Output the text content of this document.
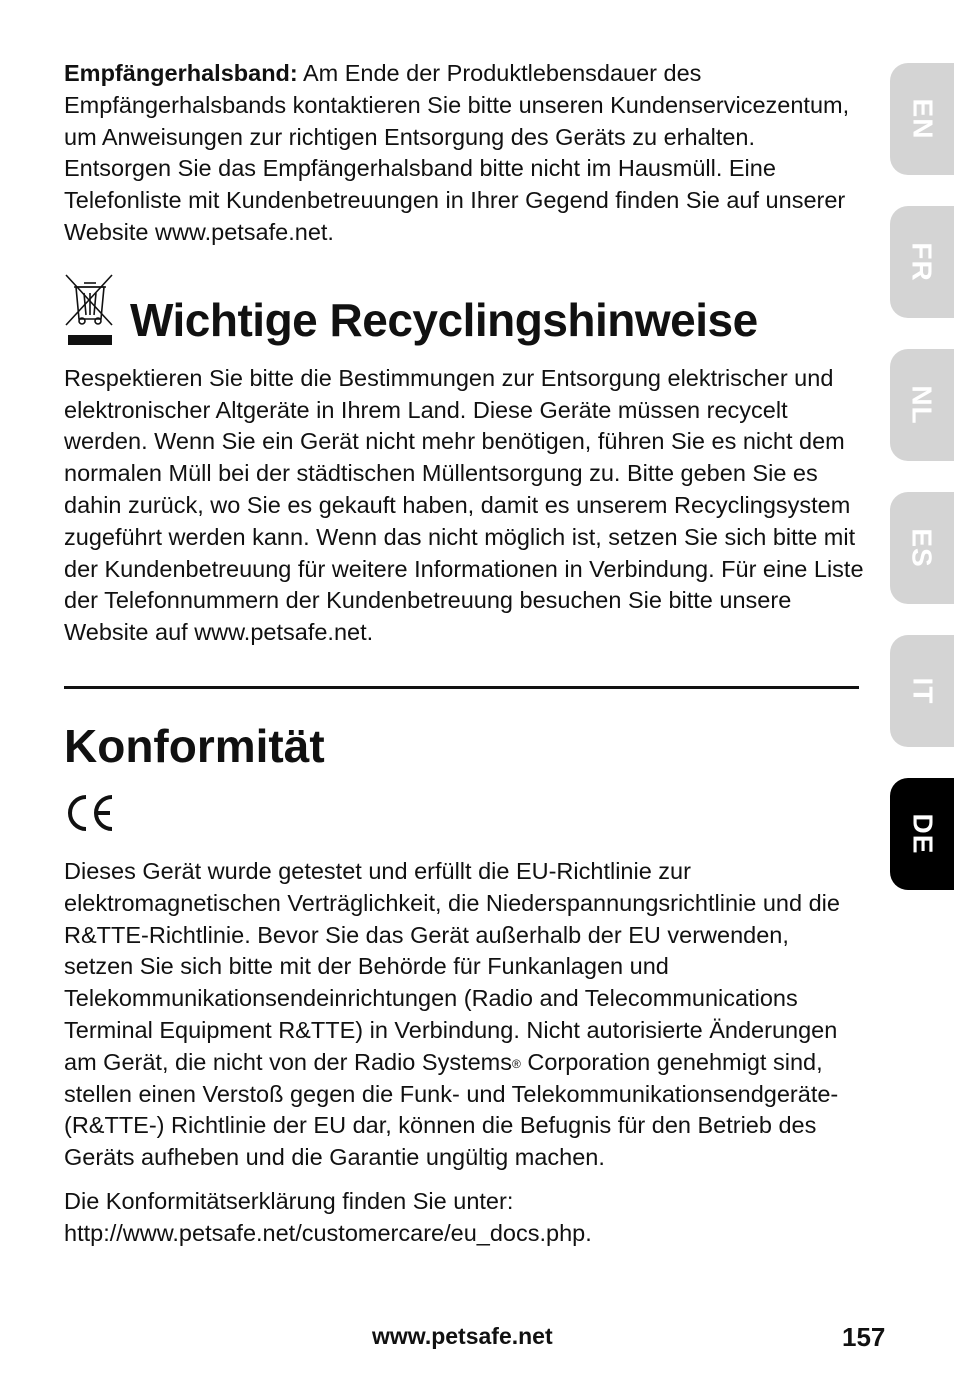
Empfängerhalsband: Am Ende der Produktlebensdauer des Empfängerhalsbands kontaktieren Sie bitte unseren Kundenservicezentum, um Anweisungen zur richtigen Entsorgung des Geräts zu erhalten. Entsorgen Sie das Empfängerhalsband bitte nicht im Hausmüll. Eine Telefonliste mit Kundenbetreuungen in Ihrer Gegend finden Sie auf unserer Website www.petsafe.net.

Wichtige Recyclingshinweise

Respektieren Sie bitte die Bestimmungen zur Entsorgung elektrischer und elektronischer Altgeräte in Ihrem Land. Diese Geräte müssen recycelt werden. Wenn Sie ein Gerät nicht mehr benötigen, führen Sie es nicht dem normalen Müll bei der städtischen Müllentsorgung zu. Bitte geben Sie es dahin zurück, wo Sie es gekauft haben, damit es unserem Recyclingsystem zugeführt werden kann. Wenn das nicht möglich ist, setzen Sie sich bitte mit der Kundenbetreuung für weitere Informationen in Verbindung. Für eine Liste der Telefonnummern der Kundenbetreuung besuchen Sie bitte unsere Website auf www.petsafe.net.

Konformität

Dieses Gerät wurde getestet und erfüllt die EU-Richtlinie zur elektromagnetischen Verträglichkeit, die Niederspannungsrichtlinie und die R&TTE-Richtlinie. Bevor Sie das Gerät außerhalb der EU verwenden, setzen Sie sich bitte mit der Behörde für Funkanlagen und Telekommunikationsendeinrichtungen (Radio and Telecommunications Terminal Equipment R&TTE) in Verbindung. Nicht autorisierte Änderungen am Gerät, die nicht von der Radio Systems® Corporation genehmigt sind, stellen einen Verstoß gegen die Funk- und Telekommunikationsendgeräte- (R&TTE-) Richtlinie der EU dar, können die Befugnis für den Betrieb des Geräts aufheben und die Garantie ungültig machen.

Die Konformitätserklärung finden Sie unter:
http://www.petsafe.net/customercare/eu_docs.php.

EN
FR
NL
ES
IT
DE
www.petsafe.net	157
